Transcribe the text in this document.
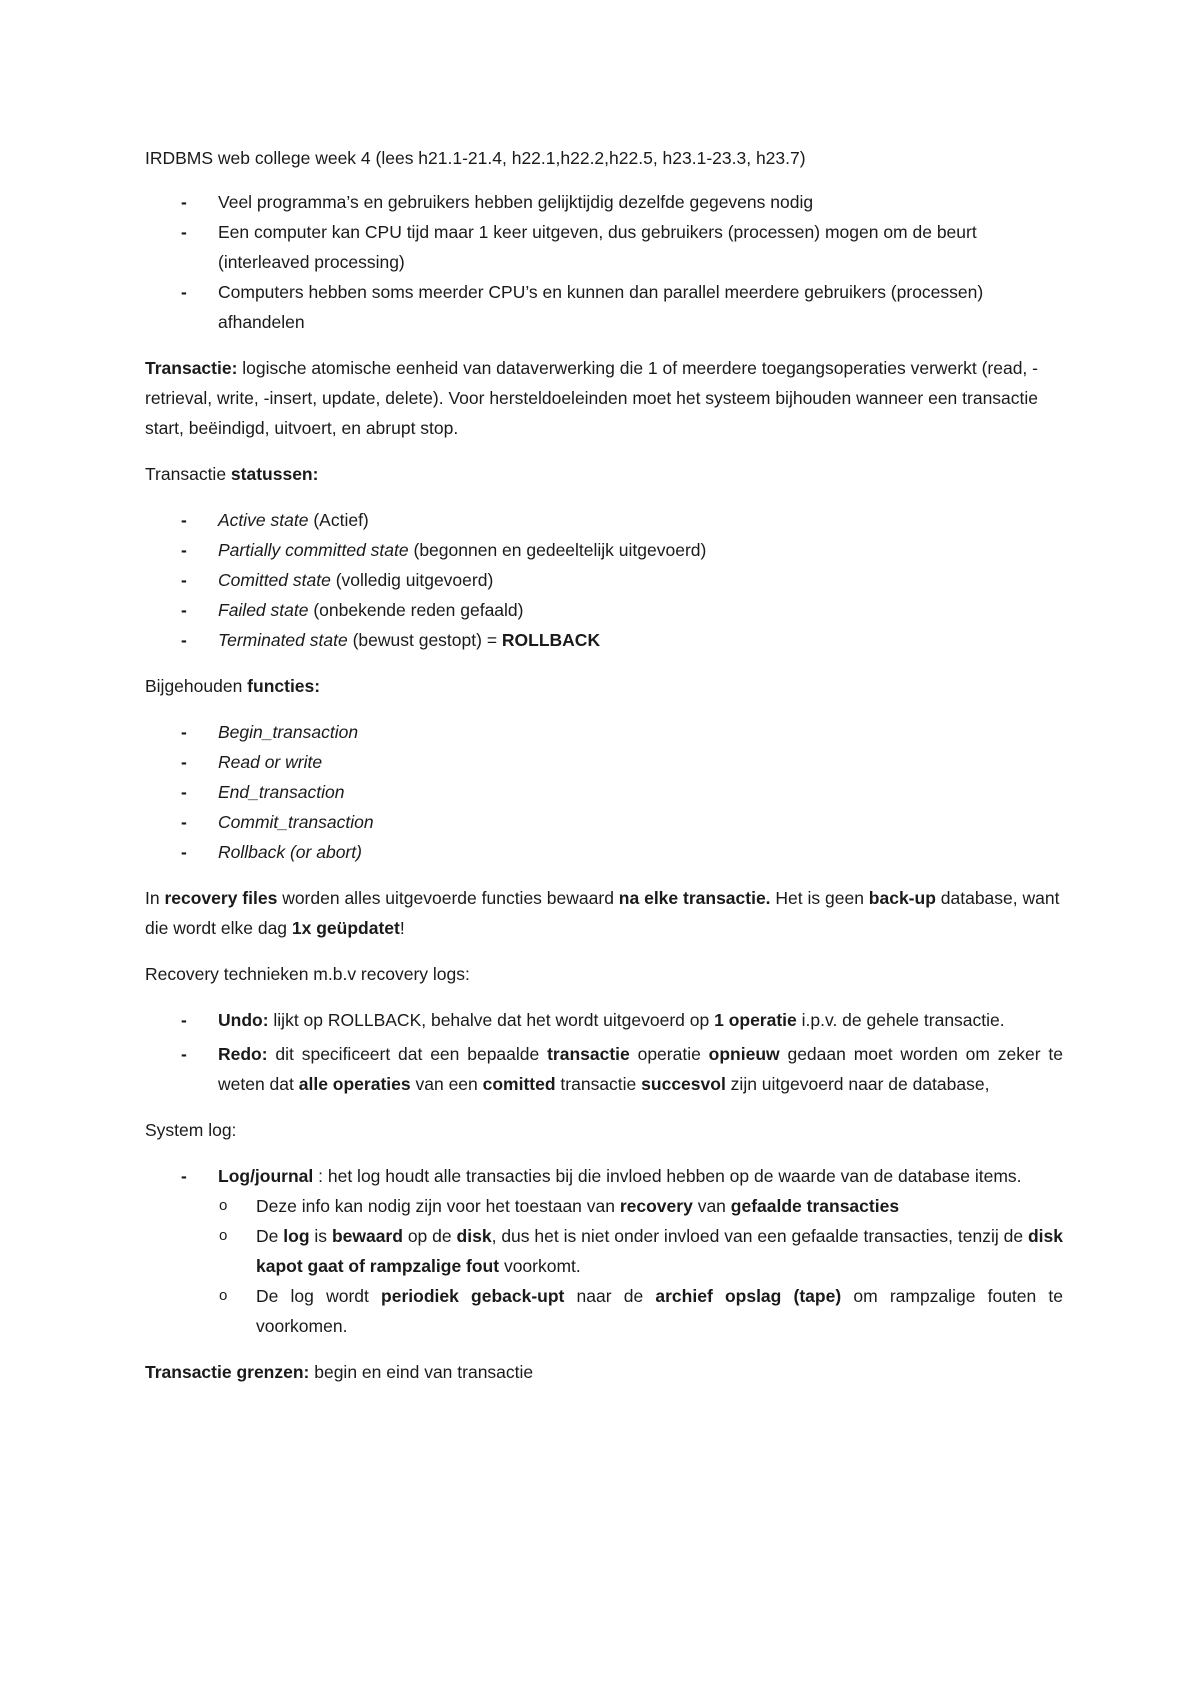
IRDBMS web college week 4 (lees h21.1-21.4, h22.1,h22.2,h22.5, h23.1-23.3, h23.7)

- Veel programma’s en gebruikers hebben gelijktijdig dezelfde gegevens nodig
- Een computer kan CPU tijd maar 1 keer uitgeven, dus gebruikers (processen) mogen om de beurt (interleaved processing)
- Computers hebben soms meerder CPU’s en kunnen dan parallel meerdere gebruikers (processen) afhandelen

Transactie: logische atomische eenheid van dataverwerking die 1 of meerdere toegangsoperaties verwerkt (read, -retrieval, write, -insert, update, delete). Voor hersteldoeleinden moet het systeem bijhouden wanneer een transactie start, beëindigd, uitvoert, en abrupt stop.

Transactie statussen:

- Active state (Actief)
- Partially committed state (begonnen en gedeeltelijk uitgevoerd)
- Comitted state (volledig uitgevoerd)
- Failed state (onbekende reden gefaald)
- Terminated state (bewust gestopt) = ROLLBACK

Bijgehouden functies:

- Begin_transaction
- Read or write
- End_transaction
- Commit_transaction
- Rollback (or abort)

In recovery files worden alles uitgevoerde functies bewaard na elke transactie. Het is geen back-up database, want die wordt elke dag 1x geüpdatet!

Recovery technieken m.b.v recovery logs:

- Undo: lijkt op ROLLBACK, behalve dat het wordt uitgevoerd op 1 operatie i.p.v. de gehele transactie.
- Redo: dit specificeert dat een bepaalde transactie operatie opnieuw gedaan moet worden om zeker te weten dat alle operaties van een comitted transactie succesvol zijn uitgevoerd naar de database,

System log:

- Log/journal : het log houdt alle transacties bij die invloed hebben op de waarde van de database items.
o Deze info kan nodig zijn voor het toestaan van recovery van gefaalde transacties
o De log is bewaard op de disk, dus het is niet onder invloed van een gefaalde transacties, tenzij de disk kapot gaat of rampzalige fout voorkomt.
o De log wordt periodiek geback-upt naar de archief opslag (tape) om rampzalige fouten te voorkomen.

Transactie grenzen: begin en eind van transactie
